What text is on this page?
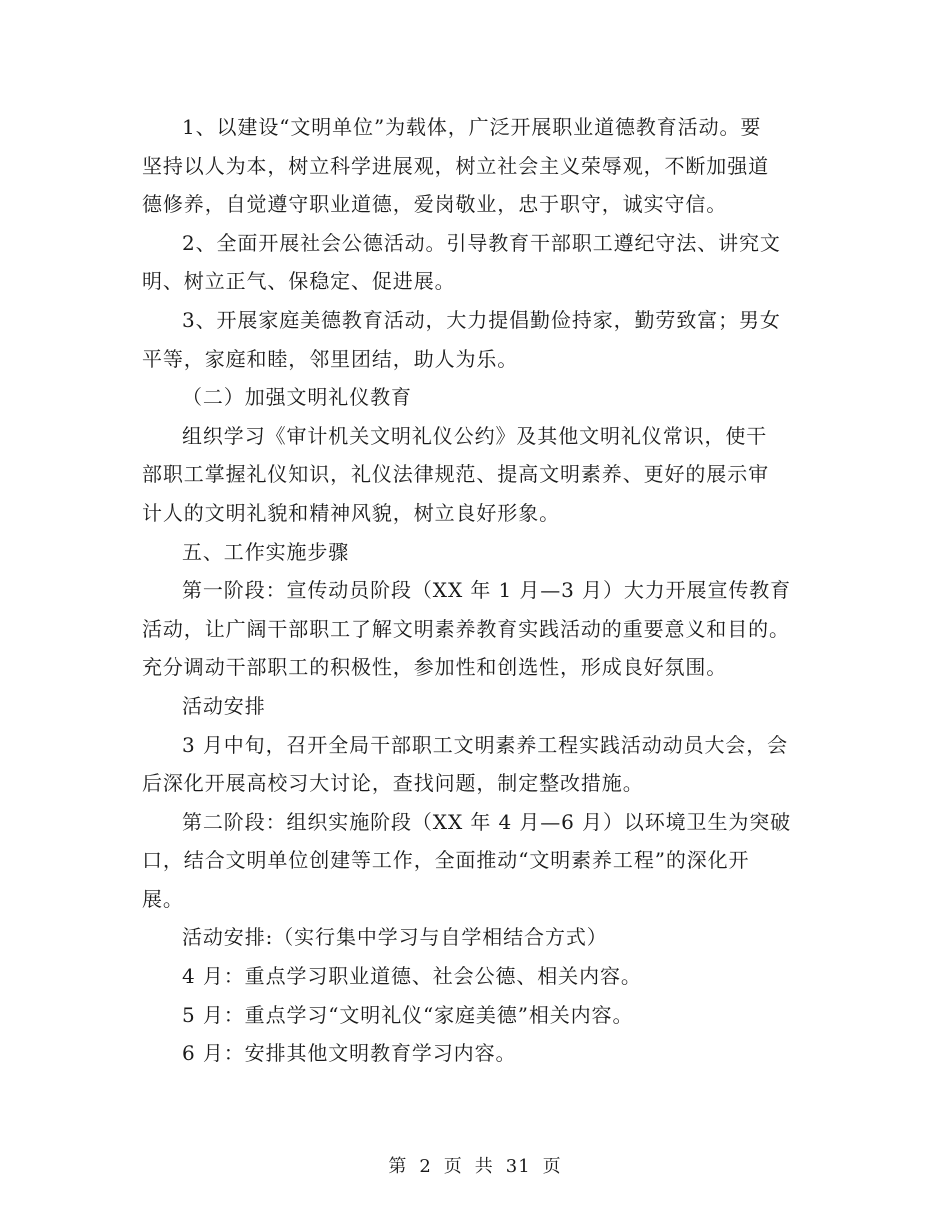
1、以建设“文明单位”为载体，广泛开展职业道德教育活动。要
坚持以人为本，树立科学进展观，树立社会主义荣辱观，不断加强道
德修养，自觉遵守职业道德，爱岗敬业，忠于职守，诚实守信。

2、全面开展社会公德活动。引导教育干部职工遵纪守法、讲究文
明、树立正气、保稳定、促进展。

3、开展家庭美德教育活动，大力提倡勤俭持家，勤劳致富；男女
平等，家庭和睦，邻里团结，助人为乐。

（二）加强文明礼仪教育

组织学习《审计机关文明礼仪公约》及其他文明礼仪常识，使干
部职工掌握礼仪知识，礼仪法律规范、提高文明素养、更好的展示审
计人的文明礼貌和精神风貌，树立良好形象。

五、工作实施步骤

第一阶段：宣传动员阶段（XX 年 1 月—3 月）大力开展宣传教育
活动，让广阔干部职工了解文明素养教育实践活动的重要意义和目的。
充分调动干部职工的积极性，参加性和创选性，形成良好氛围。

活动安排

3 月中旬，召开全局干部职工文明素养工程实践活动动员大会，会
后深化开展高校习大讨论，查找问题，制定整改措施。

第二阶段：组织实施阶段（XX 年 4 月—6 月）以环境卫生为突破
口，结合文明单位创建等工作，全面推动“文明素养工程”的深化开
展。

活动安排:（实行集中学习与自学相结合方式）

4 月：重点学习职业道德、社会公德、相关内容。

5 月：重点学习“文明礼仪“家庭美德”相关内容。

6 月：安排其他文明教育学习内容。

第 2 页 共 31 页
